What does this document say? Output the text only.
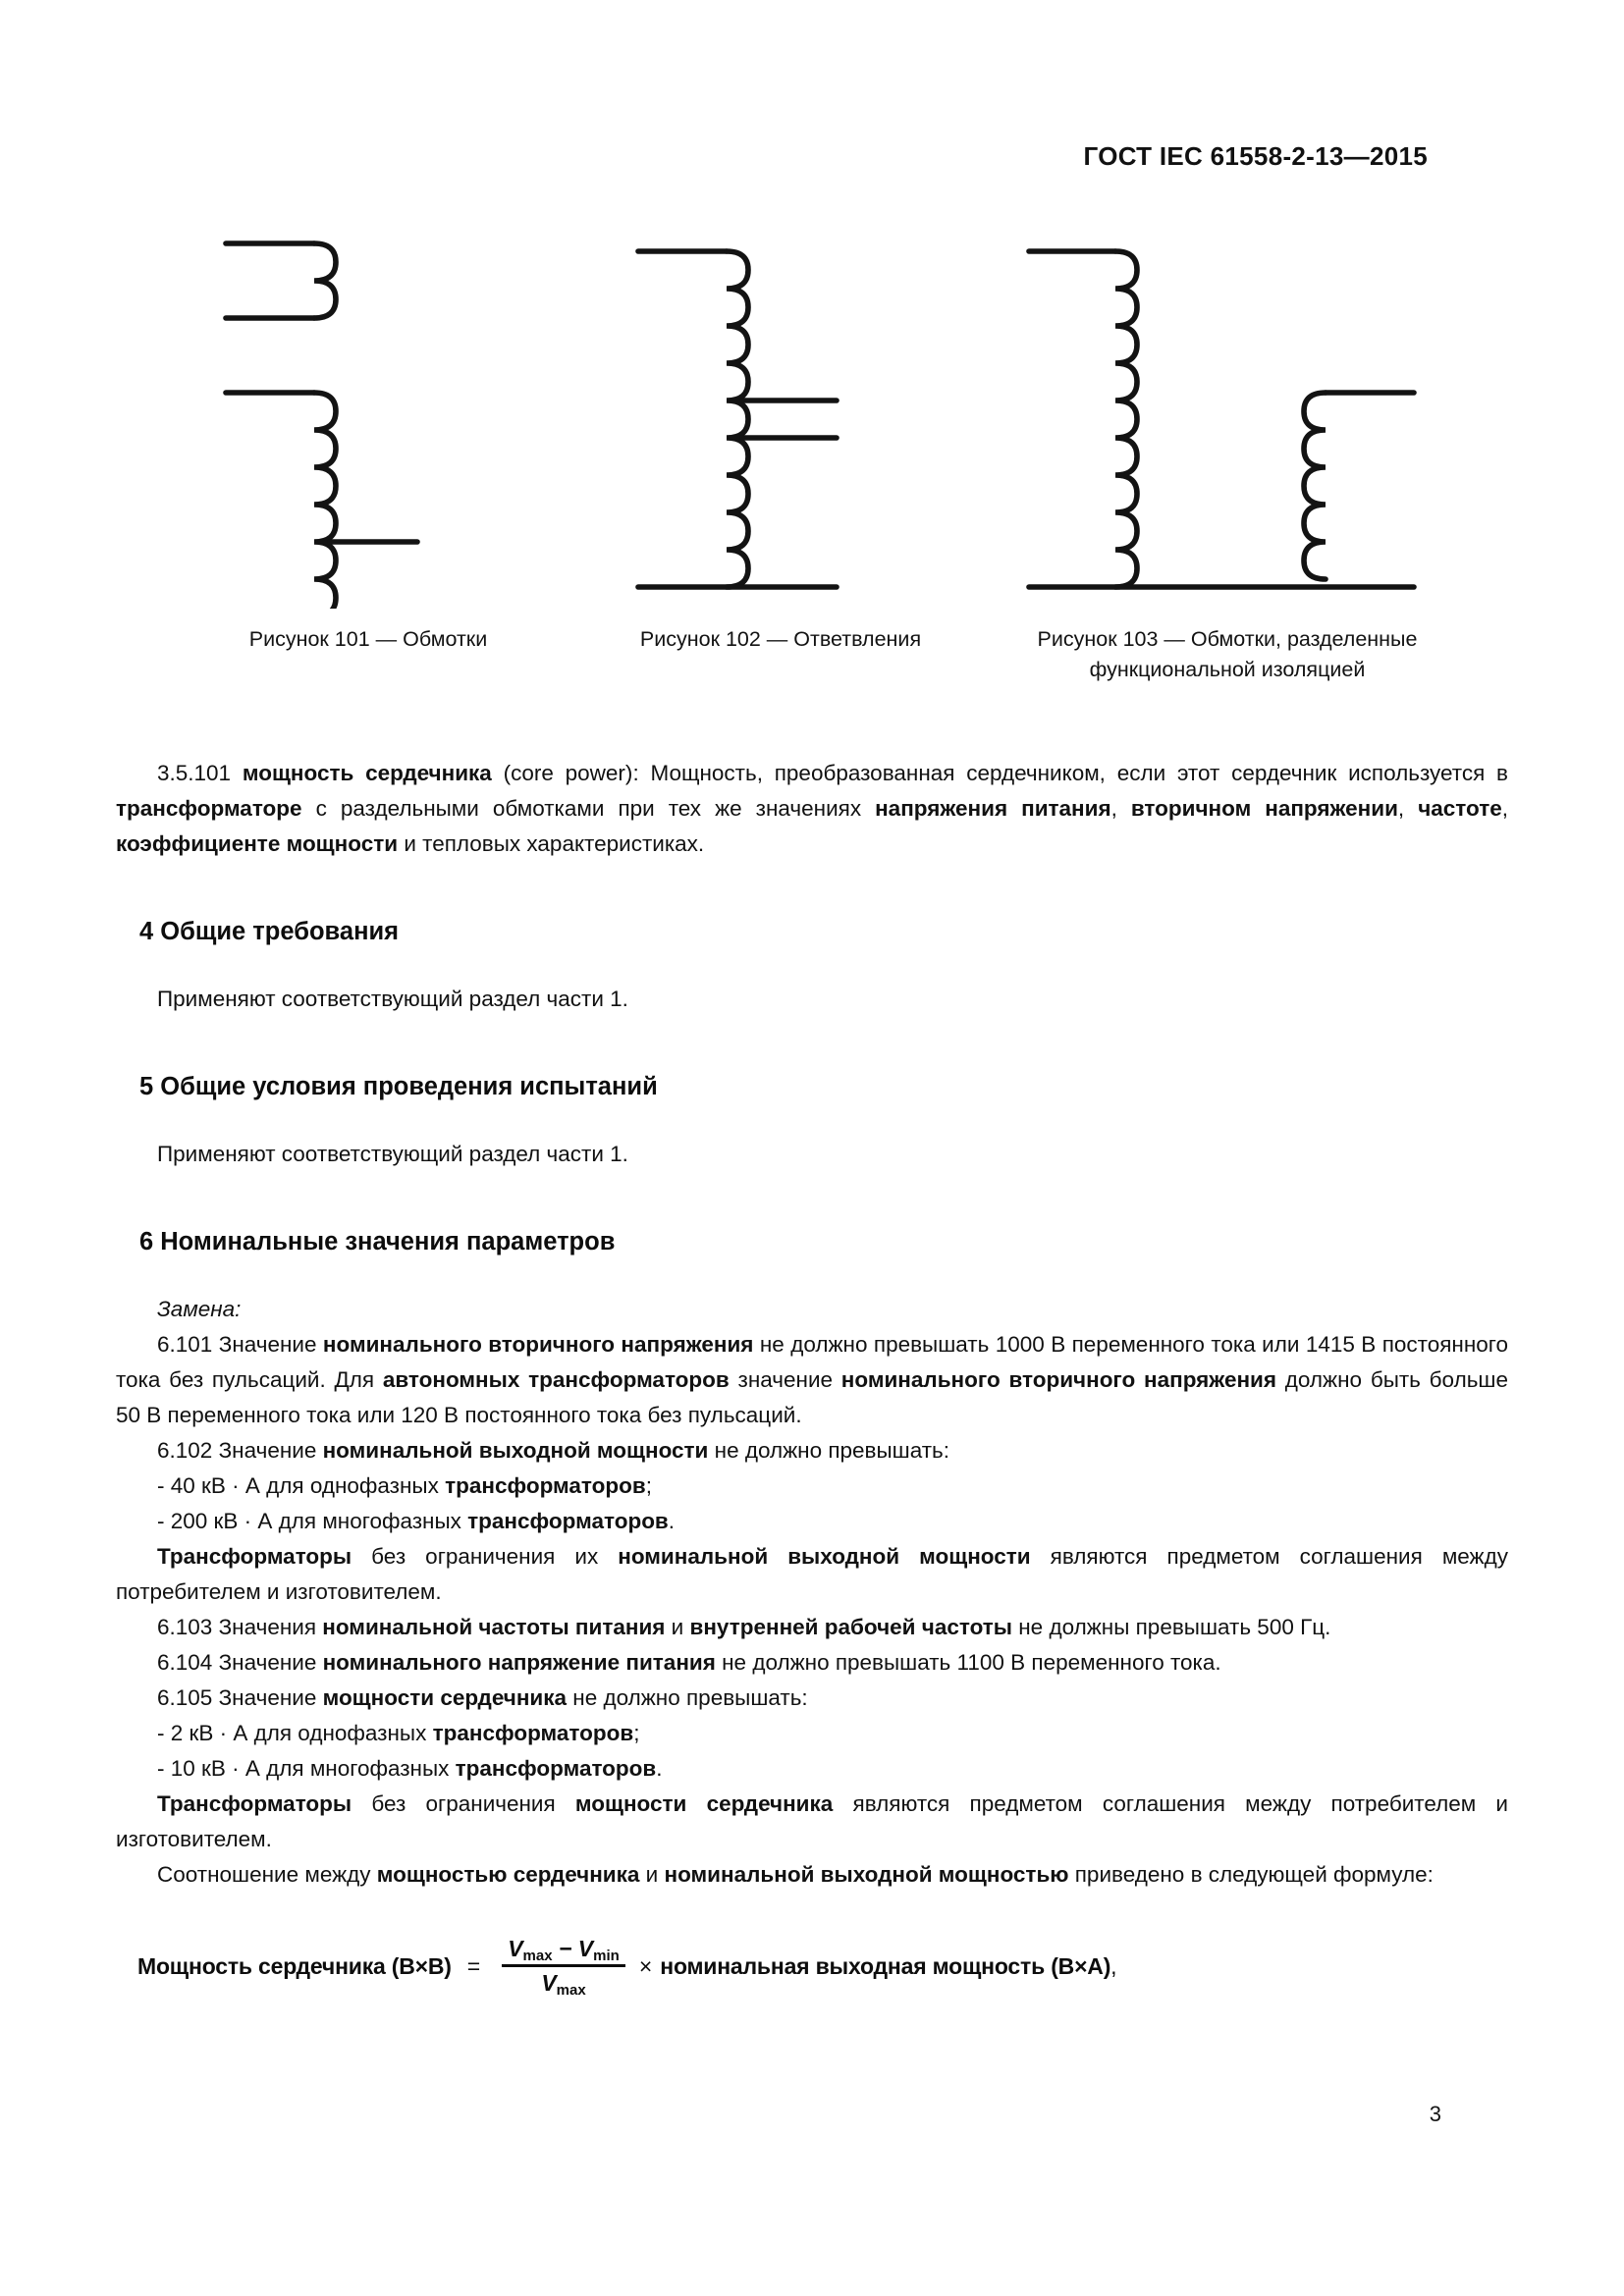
ГОСТ IEC 61558-2-13—2015
Рисунок 101 — Обмотки	Рисунок 102 — Ответвления	Рисунок 103 — Обмотки, разделенные функциональной изоляцией

3.5.101 мощность сердечника (core power): Мощность, преобразованная сердечником, если этот сердечник используется в трансформаторе с раздельными обмотками при тех же значениях напряжения питания, вторичном напряжении, частоте, коэффициенте мощности и тепловых характеристиках.

4 Общие требования

Применяют соответствующий раздел части 1.

5 Общие условия проведения испытаний

Применяют соответствующий раздел части 1.

6 Номинальные значения параметров

Замена:

6.101 Значение номинального вторичного напряжения не должно превышать 1000 В переменного тока или 1415 В постоянного тока без пульсаций. Для автономных трансформаторов значение номинального вторичного напряжения должно быть больше 50 В переменного тока или 120 В постоянного тока без пульсаций.

6.102 Значение номинальной выходной мощности не должно превышать:

- 40 кВ · А для однофазных трансформаторов;

- 200 кВ · А для многофазных трансформаторов.

Трансформаторы без ограничения их номинальной выходной мощности являются предметом соглашения между потребителем и изготовителем.

6.103 Значения номинальной частоты питания и внутренней рабочей частоты не должны превышать 500 Гц.

6.104 Значение номинального напряжение питания не должно превышать 1100 В переменного тока.

6.105 Значение мощности сердечника не должно превышать:

- 2 кВ · А для однофазных трансформаторов;

- 10 кВ · А для многофазных трансформаторов.

Трансформаторы без ограничения мощности сердечника являются предметом соглашения между потребителем и изготовителем.

Соотношение между мощностью сердечника и номинальной выходной мощностью приведено в следующей формуле:

Мощность сердечника $(В\times В) = \frac{V_{max} - V_{min}}{V_{max}}$ × номинальная выходная мощность (В×А) ,
3
